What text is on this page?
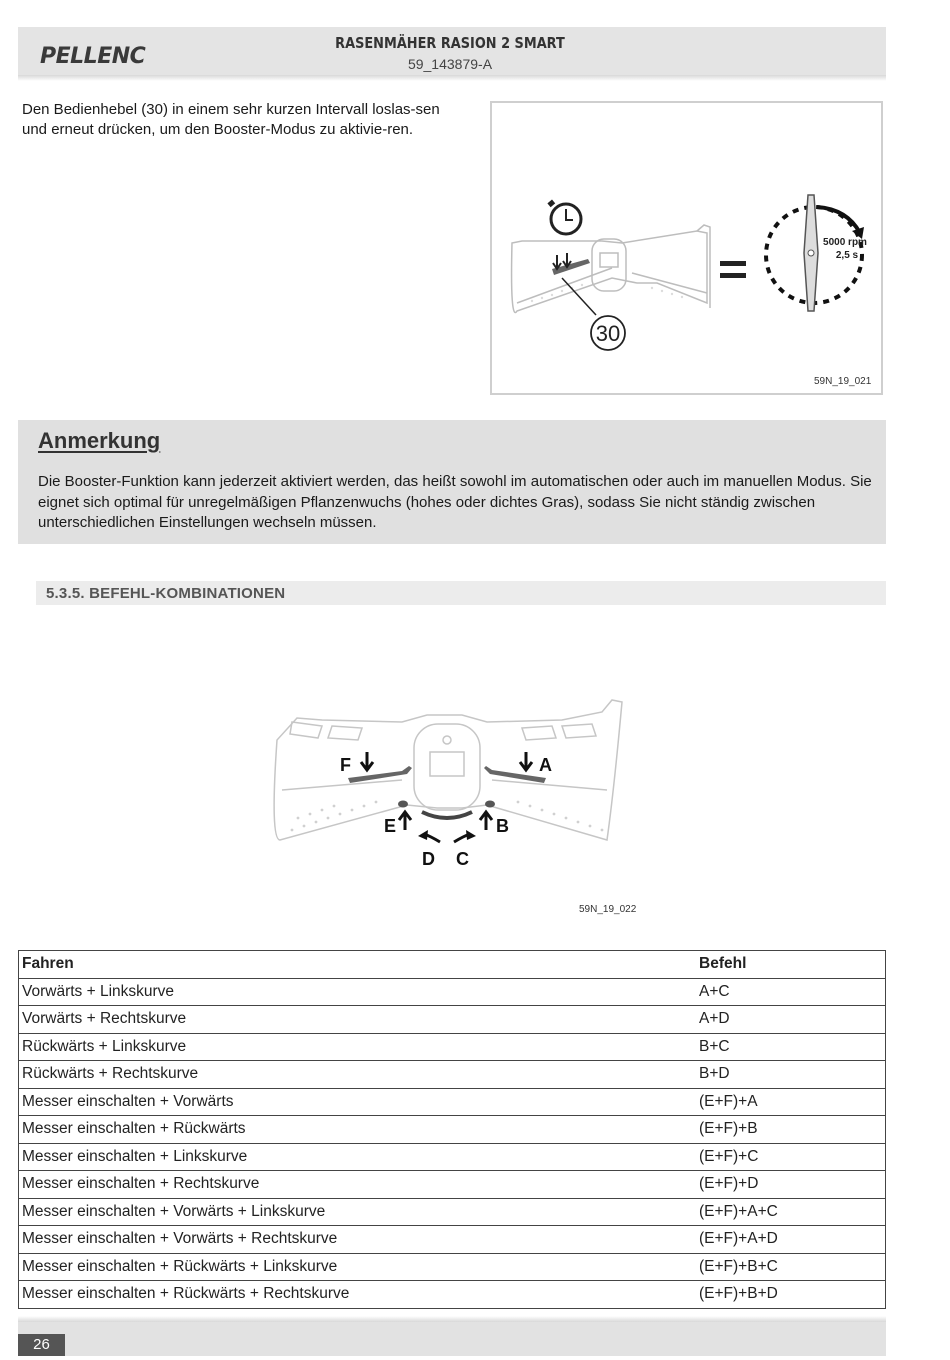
PELLENC
RASENMÄHER RASION 2 SMART
59_143879-A
Den Bedienhebel (30) in einem sehr kurzen Intervall loslas-sen und erneut drücken, um den Booster-Modus zu aktivie-ren.
30
5000 rpm
2,5 s
59N_19_021
Anmerkung
Die Booster-Funktion kann jederzeit aktiviert werden, das heißt sowohl im automatischen oder auch im manuellen Modus. Sie eignet sich optimal für unregelmäßigen Pflanzenwuchs (hohes oder dichtes Gras), sodass Sie nicht ständig zwischen unterschiedlichen Einstellungen wechseln müssen.
5.3.5. BEFEHL-KOMBINATIONEN
F	A
E	B
D C
59N_19_022
Fahren	Befehl
Vorwärts + Linkskurve	A+C
Vorwärts + Rechtskurve	A+D
Rückwärts + Linkskurve	B+C
Rückwärts + Rechtskurve	B+D
Messer einschalten + Vorwärts	(E+F)+A
Messer einschalten + Rückwärts	(E+F)+B
Messer einschalten + Linkskurve	(E+F)+C
Messer einschalten + Rechtskurve	(E+F)+D
Messer einschalten + Vorwärts + Linkskurve	(E+F)+A+C
Messer einschalten + Vorwärts + Rechtskurve	(E+F)+A+D
Messer einschalten + Rückwärts + Linkskurve	(E+F)+B+C
Messer einschalten + Rückwärts + Rechtskurve	(E+F)+B+D
26
